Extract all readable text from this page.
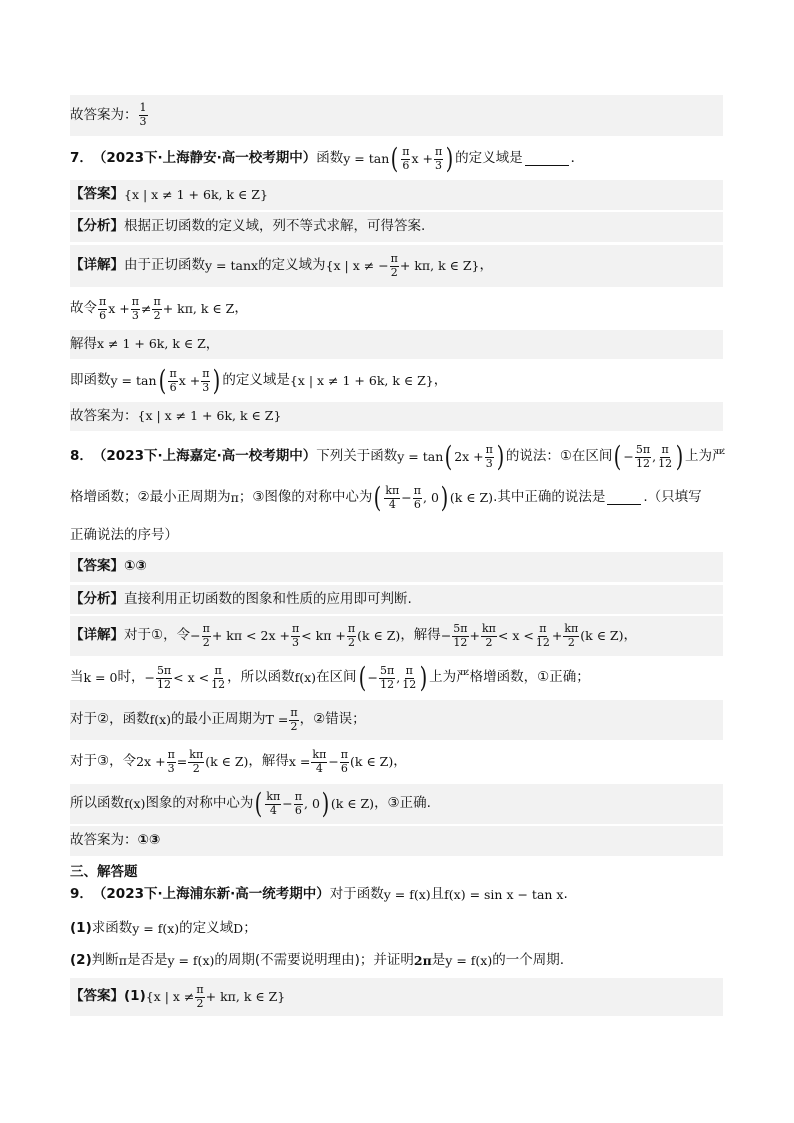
故答案为： $\frac{1}{3}$
7． （2023下·上海静安·高一校考期中） 函数 y = tan ( $\frac{\pi}{6}$ $x + \frac{\pi}{3}$ ) 的定义域是	．
【答案】 {x | x ≠ 1 + 6k, k ∈ Z}
【分析】 根据正切函数的定义域，列不等式求解，可得答案.
【详解】 由于正切函数 y = tanx 的定义域为 {x | x ≠ − $\frac{\pi}{2} + k\pi$, k ∈ Z} ，
故令 $\frac{\pi}{6}$ $x + \frac{\pi}{3} \ne \frac{\pi}{2} + k\pi$, k ∈ Z ，
解得 x ≠ 1 + 6k, k ∈ Z ，
即函数 y = tan ( $\frac{\pi}{6}$ $x + \frac{\pi}{3}$ ) 的定义域是 {x | x ≠ 1 + 6k, k ∈ Z} ，
故答案为： {x | x ≠ 1 + 6k, k ∈ Z}
8． （2023下·上海嘉定·高一校考期中） 下列关于函数 y = tan ( $2x + \frac{\pi}{3}$ ) 的说法：①在区间 ( − $\frac{5\pi}{12}$ , $\frac{\pi}{12}$ ) 上为严
格增函数；②最小正周期为 π ；③图像的对称中心为 ( $\frac{k\pi}{4} - \frac{\pi}{6}$ , 0 ) (k ∈ Z) .其中正确的说法是	.（只填写
正确说法的序号）
【答案】 ①③
【分析】 直接利用正切函数的图象和性质的应用即可判断.
【详解】 对于①，令 − $\frac{\pi}{2} + k\pi < 2x + \frac{\pi}{3} < k\pi + \frac{\pi}{2} (k$ ∈ Z) ，解得 − $\frac{5\pi}{12} + \frac{k\pi}{2} < x < \frac{\pi}{12} + \frac{k\pi}{2} (k$ ∈ Z) ，
当 k = 0 时， − $\frac{5\pi}{12} < x < \frac{\pi}{12}$ ，所以函数 f(x) 在区间 ( − $\frac{5\pi}{12}$ , $\frac{\pi}{12}$ ) 上为严格增函数，①正确；
对于②，函数 f(x) 的最小正周期为 $T = \frac{\pi}{2}$ ，②错误；
对于③，令 $2x + \frac{\pi}{3} = \frac{k\pi}{2} (k$ ∈ Z) ，解得 $x = \frac{k\pi}{4} - \frac{\pi}{6} (k$ ∈ Z) ，
所以函数 f(x) 图象的对称中心为 ( $\frac{k\pi}{4} - \frac{\pi}{6}$ , 0 ) (k ∈ Z) ，③正确.
故答案为： ①③
三、解答题
9． （2023下·上海浦东新·高一统考期中） 对于函数 y = f(x) 且 f(x) = sin x − tan x .
(1) 求函数 y = f(x) 的定义域 D ；
(2) 判断 π 是否是 y = f(x) 的周期(不需要说明理由)；并证明 2π 是 y = f(x) 的一个周期.
【答案】 (1) {x | $x \ne \frac{\pi}{2} + k\pi$, k ∈ Z}
